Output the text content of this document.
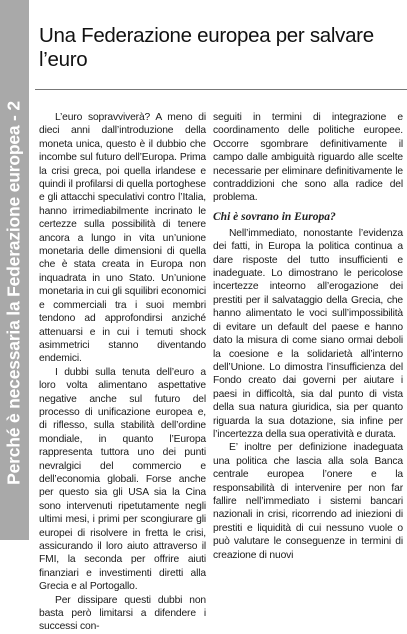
Perché è necessaria la Federazione europea - 2
Una Federazione europea per salvare l’euro

L’euro sopravviverà? A meno di dieci anni dall’introduzione della moneta unica, questo è il dubbio che incombe sul futuro dell’Europa. Prima la crisi greca, poi quella irlandese e quindi il profilarsi di quella portoghese e gli attacchi speculativi contro l’Italia, hanno irrimediabilmente incrinato le certezze sulla possibilità di tenere ancora a lungo in vita un’unione monetaria delle dimensioni di quella che è stata creata in Europa non inquadrata in uno Stato. Un’unione monetaria in cui gli squilibri economici e commerciali tra i suoi membri tendono ad approfondirsi anziché attenuarsi e in cui i temuti shock asimmetrici stanno diventando endemici.

I dubbi sulla tenuta dell’euro a loro volta alimentano aspettative negative anche sul futuro del processo di unificazione europea e, di riflesso, sulla stabilità dell’ordine mondiale, in quanto l’Europa rappresenta tuttora uno dei punti nevralgici del commercio e dell’economia globali. Forse anche per questo sia gli USA sia la Cina sono intervenuti ripetutamente negli ultimi mesi, i primi per scongiurare gli europei di risolvere in fretta le crisi, assicurando il loro aiuto attraverso il FMI, la seconda per offrire aiuti finanziari e investimenti diretti alla Grecia e al Portogallo.

Per dissipare questi dubbi non basta però limitarsi a difendere i successi con-

seguiti in termini di integrazione e coordinamento delle politiche europee. Occorre sgombrare definitivamente il campo dalle ambiguità riguardo alle scelte necessarie per eliminare definitivamente le contraddizioni che sono alla radice del problema.

Chi è sovrano in Europa?

Nell’immediato, nonostante l’evidenza dei fatti, in Europa la politica continua a dare risposte del tutto insufficienti e inadeguate. Lo dimostrano le pericolose incertezze inteorno all’erogazione dei prestiti per il salvataggio della Grecia, che hanno alimentato le voci sull’impossibilità di evitare un default del paese e hanno dato la misura di come siano ormai deboli la coesione e la solidarietà all’interno dell’Unione. Lo dimostra l’insufficienza del Fondo creato dai governi per aiutare i paesi in difficoltà, sia dal punto di vista della sua natura giuridica, sia per quanto riguarda la sua dotazione, sia infine per l’incertezza della sua operatività e durata.

E’ inoltre per definizione inadeguata una politica che lascia alla sola Banca centrale europea l’onere e la responsabilità di intervenire per non far fallire nell’immediato i sistemi bancari nazionali in crisi, ricorrendo ad iniezioni di prestiti e liquidità di cui nessuno vuole o può valutare le conseguenze in termini di creazione di nuovi
